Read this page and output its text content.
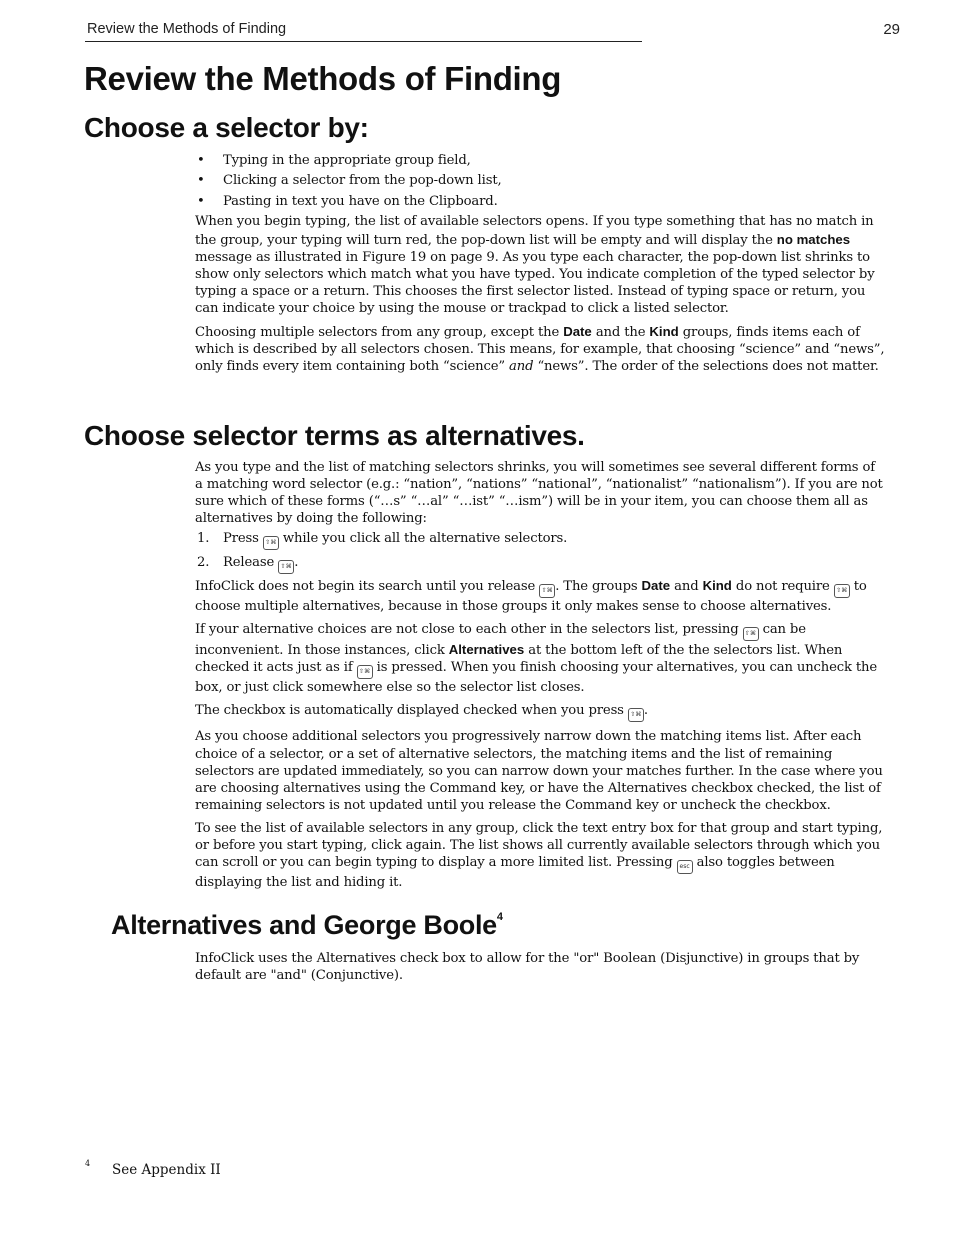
Review the Methods of Finding	29
Review the Methods of Finding
Choose a selector by:
• Typing in the appropriate group field,
• Clicking a selector from the pop-down list,
• Pasting in text you have on the Clipboard.

When you begin typing, the list of available selectors opens. If you type something that has no match in the group, your typing will turn red, the pop-down list will be empty and will display the no matches message as illustrated in Figure 19 on page 9. As you type each character, the pop-down list shrinks to show only selectors which match what you have typed. You indicate completion of the typed selector by typing a space or a return. This chooses the first selector listed. Instead of typing space or return, you can indicate your choice by using the mouse or trackpad to click a listed selector.

Choosing multiple selectors from any group, except the Date and the Kind groups, finds items each of which is described by all selectors chosen. This means, for example, that choosing “science” and “news”, only finds every item containing both “science” and “news”. The order of the selections does not matter.

Choose selector terms as alternatives.

As you type and the list of matching selectors shrinks, you will sometimes see several different forms of a matching word selector (e.g.: “nation”, “nations” “national”, “nationalist” “nationalism”). If you are not sure which of these forms (“…s” “…al” “…ist” “…ism”) will be in your item, you can choose them all as alternatives by doing the following:

1. Press ⇧⌘ while you click all the alternative selectors.
2. Release ⇧⌘ .

InfoClick does not begin its search until you release ⇧⌘ . The groups Date and Kind do not require ⇧⌘ to choose multiple alternatives, because in those groups it only makes sense to choose alternatives.

If your alternative choices are not close to each other in the selectors list, pressing ⇧⌘ can be inconvenient. In those instances, click Alternatives at the bottom left of the the selectors list. When checked it acts just as if ⇧⌘ is pressed. When you finish choosing your alternatives, you can uncheck the box, or just click somewhere else so the selector list closes.

The checkbox is automatically displayed checked when you press ⇧⌘ .

As you choose additional selectors you progressively narrow down the matching items list. After each choice of a selector, or a set of alternative selectors, the matching items and the list of remaining selectors are updated immediately, so you can narrow down your matches further. In the case where you are choosing alternatives using the Command key, or have the Alternatives checkbox checked, the list of remaining selectors is not updated until you release the Command key or uncheck the checkbox.

To see the list of available selectors in any group, click the text entry box for that group and start typing, or before you start typing, click again. The list shows all currently available selectors through which you can scroll or you can begin typing to display a more limited list. Pressing esc also toggles between displaying the list and hiding it.

Alternatives and George Boole$^4$

InfoClick uses the Alternatives check box to allow for the "or" Boolean (Disjunctive) in groups that by default are "and" (Conjunctive).

4 See Appendix II
